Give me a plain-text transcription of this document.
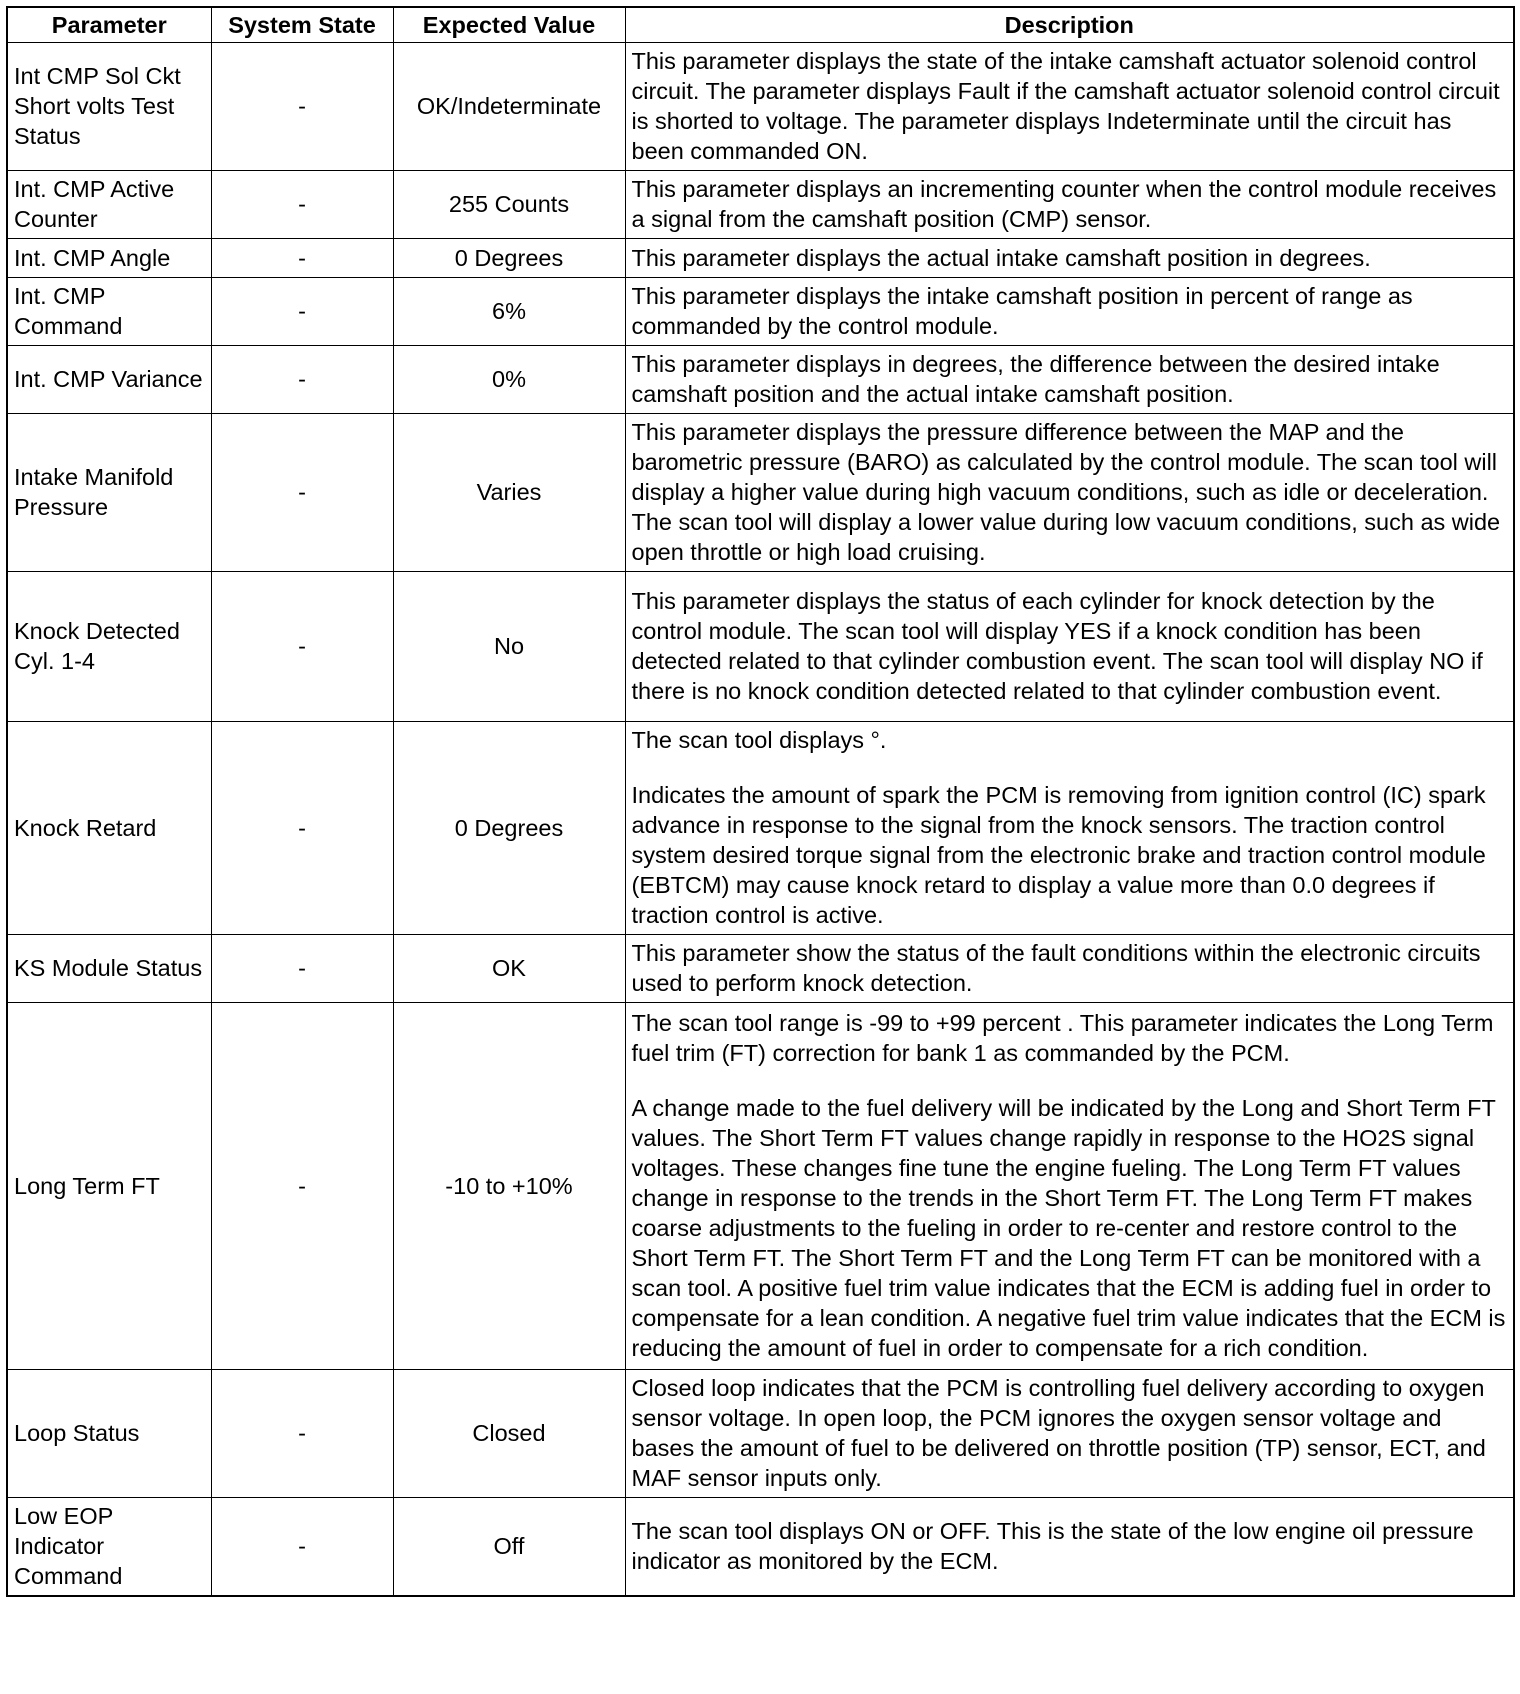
Parameter	System State	Expected Value	Description
Int CMP Sol Ckt Short volts Test Status	-	OK/Indeterminate	This parameter displays the state of the intake camshaft actuator solenoid control circuit. The parameter displays Fault if the camshaft actuator solenoid control circuit is shorted to voltage. The parameter displays Indeterminate until the circuit has been commanded ON.

Int. CMP Active Counter	-	255 Counts	This parameter displays an incrementing counter when the control module receives a signal from the camshaft position (CMP) sensor.

Int. CMP Angle	-	0 Degrees	This parameter displays the actual intake camshaft position in degrees.

Int. CMP Command	-	6%	This parameter displays the intake camshaft position in percent of range as commanded by the control module.

Int. CMP Variance	-	0%	This parameter displays in degrees, the difference between the desired intake camshaft position and the actual intake camshaft position.

Intake Manifold Pressure	-	Varies	This parameter displays the pressure difference between the MAP and the barometric pressure (BARO) as calculated by the control module. The scan tool will display a higher value during high vacuum conditions, such as idle or deceleration. The scan tool will display a lower value during low vacuum conditions, such as wide open throttle or high load cruising.

Knock Detected Cyl. 1-4	-	No	This parameter displays the status of each cylinder for knock detection by the control module. The scan tool will display YES if a knock condition has been detected related to that cylinder combustion event. The scan tool will display NO if there is no knock condition detected related to that cylinder combustion event.

Knock Retard	-	0 Degrees	The scan tool displays °.

Indicates the amount of spark the PCM is removing from ignition control (IC) spark advance in response to the signal from the knock sensors. The traction control system desired torque signal from the electronic brake and traction control module (EBTCM) may cause knock retard to display a value more than 0.0 degrees if traction control is active.

KS Module Status	-	OK	This parameter show the status of the fault conditions within the electronic circuits used to perform knock detection.

Long Term FT	-	-10 to +10%	The scan tool range is -99 to +99 percent . This parameter indicates the Long Term fuel trim (FT) correction for bank 1 as commanded by the PCM.

A change made to the fuel delivery will be indicated by the Long and Short Term FT values. The Short Term FT values change rapidly in response to the HO2S signal voltages. These changes fine tune the engine fueling. The Long Term FT values change in response to the trends in the Short Term FT. The Long Term FT makes coarse adjustments to the fueling in order to re-center and restore control to the Short Term FT. The Short Term FT and the Long Term FT can be monitored with a scan tool. A positive fuel trim value indicates that the ECM is adding fuel in order to compensate for a lean condition. A negative fuel trim value indicates that the ECM is reducing the amount of fuel in order to compensate for a rich condition.

Loop Status	-	Closed	Closed loop indicates that the PCM is controlling fuel delivery according to oxygen sensor voltage. In open loop, the PCM ignores the oxygen sensor voltage and bases the amount of fuel to be delivered on throttle position (TP) sensor, ECT, and MAF sensor inputs only.

Low EOP Indicator Command	-	Off	The scan tool displays ON or OFF. This is the state of the low engine oil pressure indicator as monitored by the ECM.
